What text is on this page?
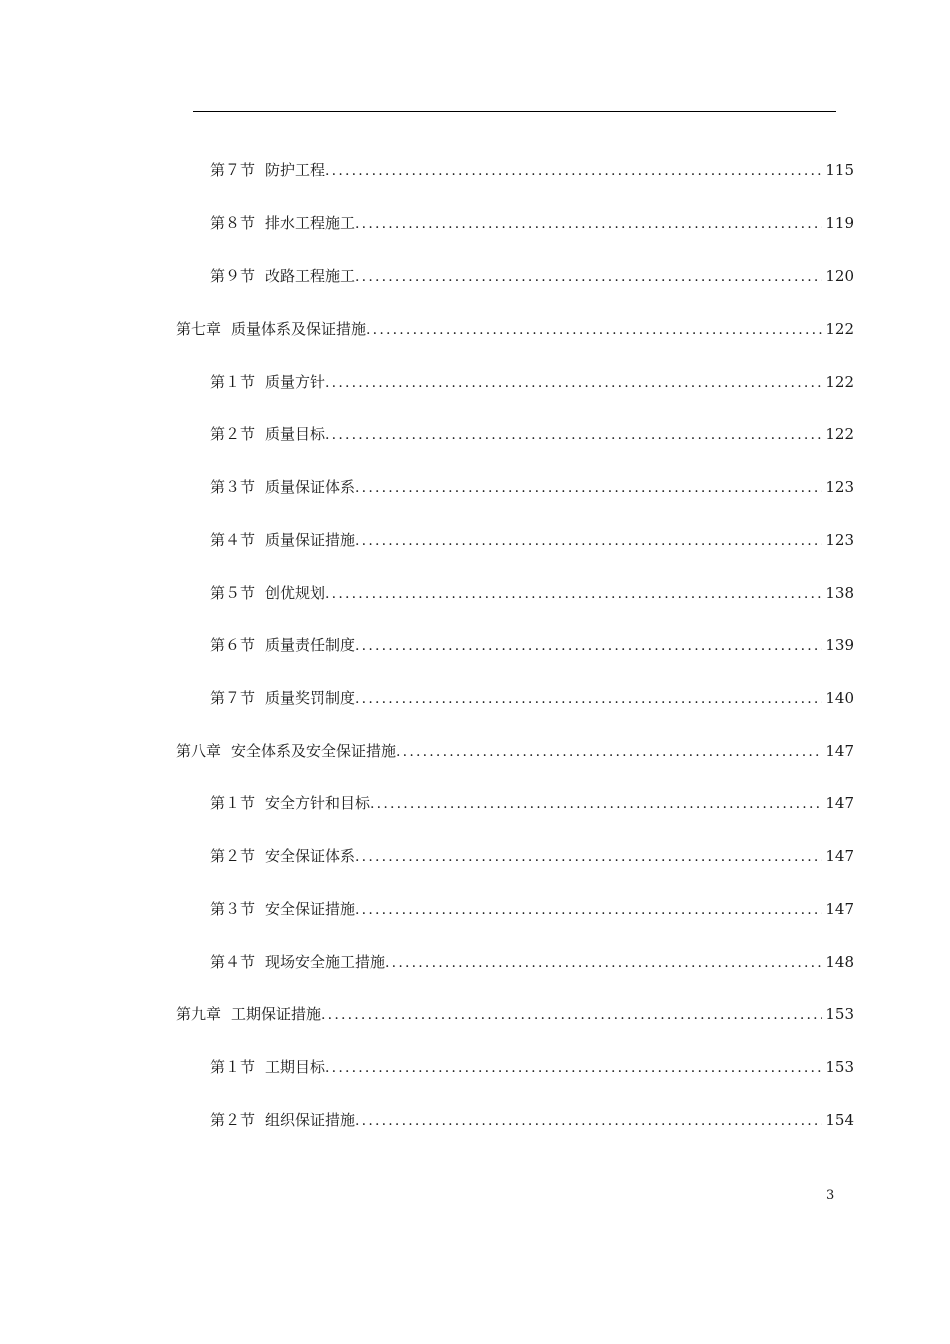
第７节 防护工程 .....	115
第８节 排水工程施工 .....	119
第９节 改路工程施工 .....	120
第七章 质量体系及保证措施 .....	122
第１节 质量方针 .....	122
第２节 质量目标 .....	122
第３节 质量保证体系 .....	123
第４节 质量保证措施 .....	123
第５节 创优规划 .....	138
第６节 质量责任制度 .....	139
第７节 质量奖罚制度 .....	140
第八章 安全体系及安全保证措施 .....	147
第１节 安全方针和目标 .....	147
第２节 安全保证体系 .....	147
第３节 安全保证措施 .....	147
第４节 现场安全施工措施 .....	148
第九章 工期保证措施 .....	153
第１节 工期目标 .....	153
第２节 组织保证措施 .....	154
3
